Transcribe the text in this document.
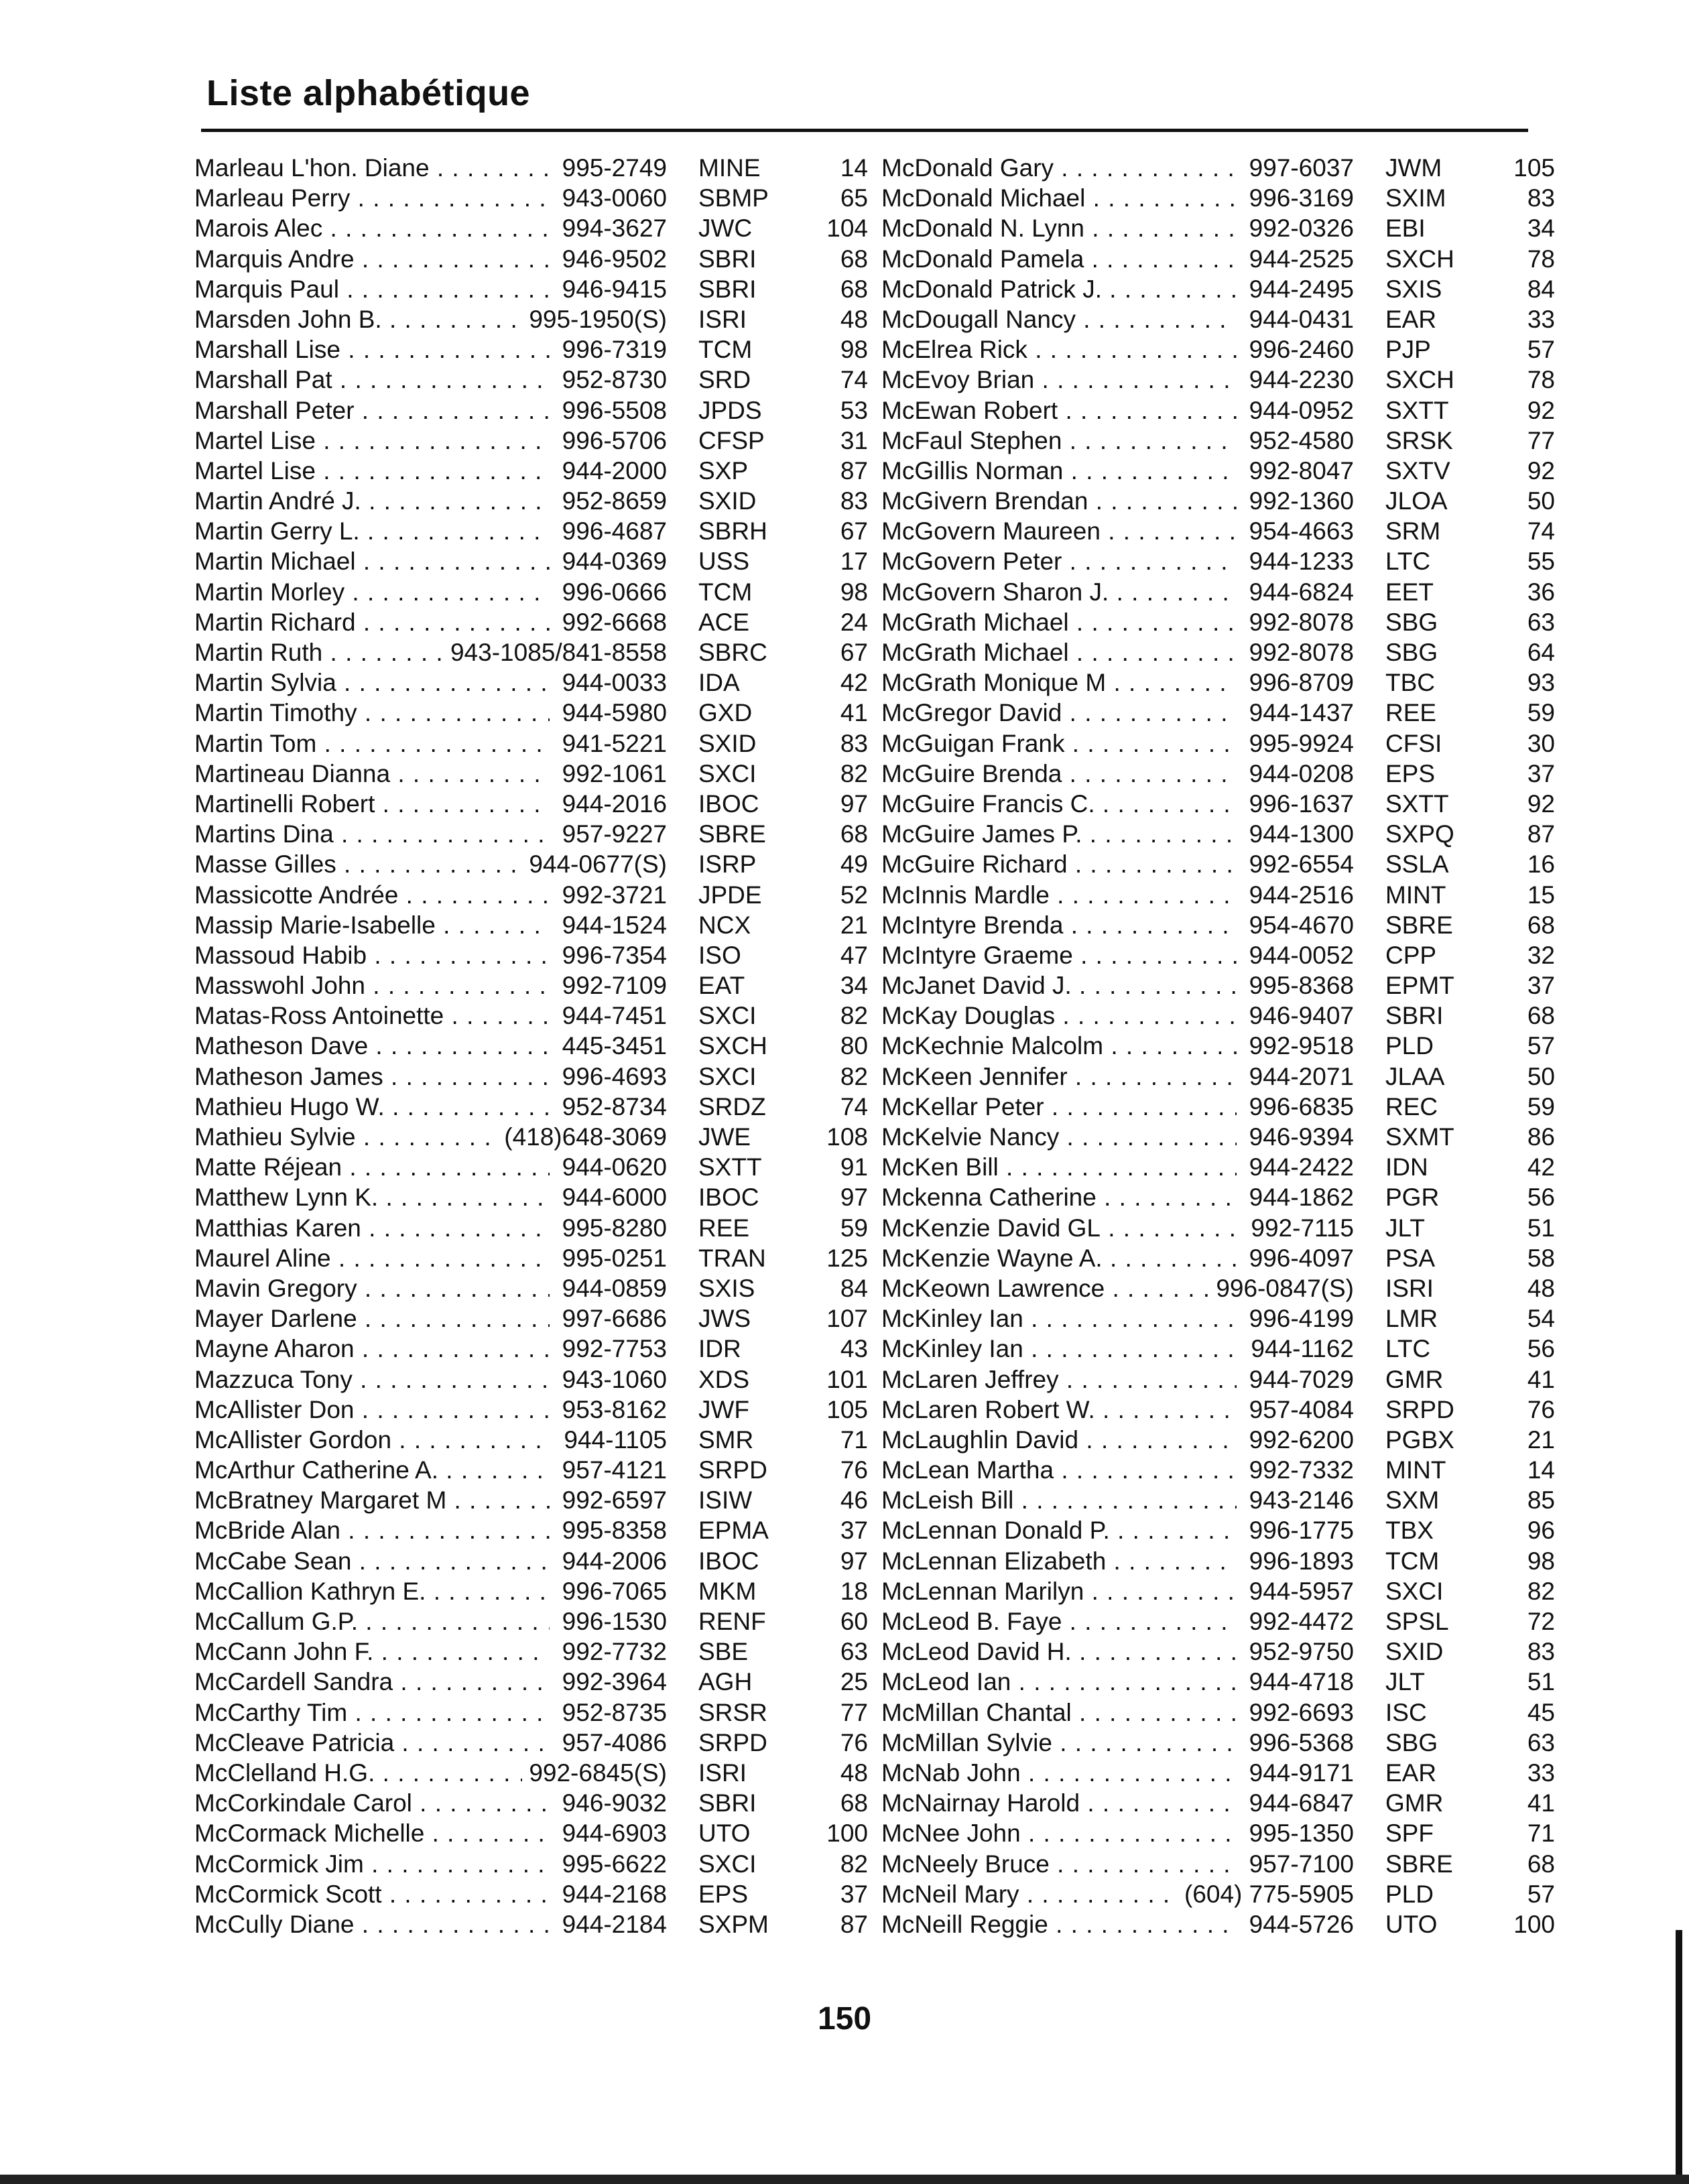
Liste alphabétique
Marleau L'hon. Diane . . .	995-2749 MINE	14
Marleau Perry . . .	943-0060 SBMP	65
Marois Alec . . .	994-3627 JWC	104
Marquis Andre . . .	946-9502 SBRI	68
Marquis Paul . . .	946-9415 SBRI	68
Marsden John B. . . .	995-1950(S) ISRI	48
Marshall Lise . . .	996-7319 TCM	98
Marshall Pat . . .	952-8730 SRD	74
Marshall Peter . . .	996-5508 JPDS	53
Martel Lise . . .	996-5706 CFSP	31
Martel Lise . . .	944-2000 SXP	87
Martin André J. . . .	952-8659 SXID	83
Martin Gerry L. . . .	996-4687 SBRH	67
Martin Michael . . .	944-0369 USS	17
Martin Morley . . .	996-0666 TCM	98
Martin Richard . . .	992-6668 ACE	24
Martin Ruth . . .	943-1085/841-8558 SBRC	67
Martin Sylvia . . .	944-0033 IDA	42
Martin Timothy . . .	944-5980 GXD	41
Martin Tom . . .	941-5221 SXID	83
Martineau Dianna . . .	992-1061 SXCI	82
Martinelli Robert . . .	944-2016 IBOC	97
Martins Dina . . .	957-9227 SBRE	68
Masse Gilles . . .	944-0677(S) ISRP	49
Massicotte Andrée . . .	992-3721 JPDE	52
Massip Marie-Isabelle . . .	944-1524 NCX	21
Massoud Habib . . .	996-7354 ISO	47
Masswohl John . . .	992-7109 EAT	34
Matas-Ross Antoinette . . .	944-7451 SXCI	82
Matheson Dave . . .	445-3451 SXCH	80
Matheson James . . .	996-4693 SXCI	82
Mathieu Hugo W. . . .	952-8734 SRDZ	74
Mathieu Sylvie . . .	(418)648-3069 JWE	108
Matte Réjean . . .	944-0620 SXTT	91
Matthew Lynn K. . . .	944-6000 IBOC	97
Matthias Karen . . .	995-8280 REE	59
Maurel Aline . . .	995-0251 TRAN	125
Mavin Gregory . . .	944-0859 SXIS	84
Mayer Darlene . . .	997-6686 JWS	107
Mayne Aharon . . .	992-7753 IDR	43
Mazzuca Tony . . .	943-1060 XDS	101
McAllister Don . . .	953-8162 JWF	105
McAllister Gordon . . .	944-1105 SMR	71
McArthur Catherine A. . . .	957-4121 SRPD	76
McBratney Margaret M . . .	992-6597 ISIW	46
McBride Alan . . .	995-8358 EPMA	37
McCabe Sean . . .	944-2006 IBOC	97
McCallion Kathryn E. . . .	996-7065 MKM	18
McCallum G.P. . . .	996-1530 RENF	60
McCann John F. . . .	992-7732 SBE	63
McCardell Sandra . . .	992-3964 AGH	25
McCarthy Tim . . .	952-8735 SRSR	77
McCleave Patricia . . .	957-4086 SRPD	76
McClelland H.G. . . .	992-6845(S) ISRI	48
McCorkindale Carol . . .	946-9032 SBRI	68
McCormack Michelle . . .	944-6903 UTO	100
McCormick Jim . . .	995-6622 SXCI	82
McCormick Scott . . .	944-2168 EPS	37
McCully Diane . . .	944-2184 SXPM	87
McDonald Gary . . .	997-6037 JWM	105
McDonald Michael . . .	996-3169 SXIM	83
McDonald N. Lynn . . .	992-0326 EBI	34
McDonald Pamela . . .	944-2525 SXCH	78
McDonald Patrick J. . . .	944-2495 SXIS	84
McDougall Nancy . . .	944-0431 EAR	33
McElrea Rick . . .	996-2460 PJP	57
McEvoy Brian . . .	944-2230 SXCH	78
McEwan Robert . . .	944-0952 SXTT	92
McFaul Stephen . . .	952-4580 SRSK	77
McGillis Norman . . .	992-8047 SXTV	92
McGivern Brendan . . .	992-1360 JLOA	50
McGovern Maureen . . .	954-4663 SRM	74
McGovern Peter . . .	944-1233 LTC	55
McGovern Sharon J. . . .	944-6824 EET	36
McGrath Michael . . .	992-8078 SBG	63
McGrath Michael . . .	992-8078 SBG	64
McGrath Monique M . . .	996-8709 TBC	93
McGregor David . . .	944-1437 REE	59
McGuigan Frank . . .	995-9924 CFSI	30
McGuire Brenda . . .	944-0208 EPS	37
McGuire Francis C. . . .	996-1637 SXTT	92
McGuire James P. . . .	944-1300 SXPQ	87
McGuire Richard . . .	992-6554 SSLA	16
McInnis Mardle . . .	944-2516 MINT	15
McIntyre Brenda . . .	954-4670 SBRE	68
McIntyre Graeme . . .	944-0052 CPP	32
McJanet David J. . . .	995-8368 EPMT	37
McKay Douglas . . .	946-9407 SBRI	68
McKechnie Malcolm . . .	992-9518 PLD	57
McKeen Jennifer . . .	944-2071 JLAA	50
McKellar Peter . . .	996-6835 REC	59
McKelvie Nancy . . .	946-9394 SXMT	86
McKen Bill . . .	944-2422 IDN	42
Mckenna Catherine . . .	944-1862 PGR	56
McKenzie David GL . . .	992-7115 JLT	51
McKenzie Wayne A. . . .	996-4097 PSA	58
McKeown Lawrence . . .	996-0847(S) ISRI	48
McKinley Ian . . .	996-4199 LMR	54
McKinley Ian . . .	944-1162 LTC	56
McLaren Jeffrey . . .	944-7029 GMR	41
McLaren Robert W. . . .	957-4084 SRPD	76
McLaughlin David . . .	992-6200 PGBX	21
McLean Martha . . .	992-7332 MINT	14
McLeish Bill . . .	943-2146 SXM	85
McLennan Donald P. . . .	996-1775 TBX	96
McLennan Elizabeth . . .	996-1893 TCM	98
McLennan Marilyn . . .	944-5957 SXCI	82
McLeod B. Faye . . .	992-4472 SPSL	72
McLeod David H. . . .	952-9750 SXID	83
McLeod Ian . . .	944-4718 JLT	51
McMillan Chantal . . .	992-6693 ISC	45
McMillan Sylvie . . .	996-5368 SBG	63
McNab John . . .	944-9171 EAR	33
McNairnay Harold . . .	944-6847 GMR	41
McNee John . . .	995-1350 SPF	71
McNeely Bruce . . .	957-7100 SBRE	68
McNeil Mary . . .	(604) 775-5905 PLD	57
McNeill Reggie . . .	944-5726 UTO	100
150
